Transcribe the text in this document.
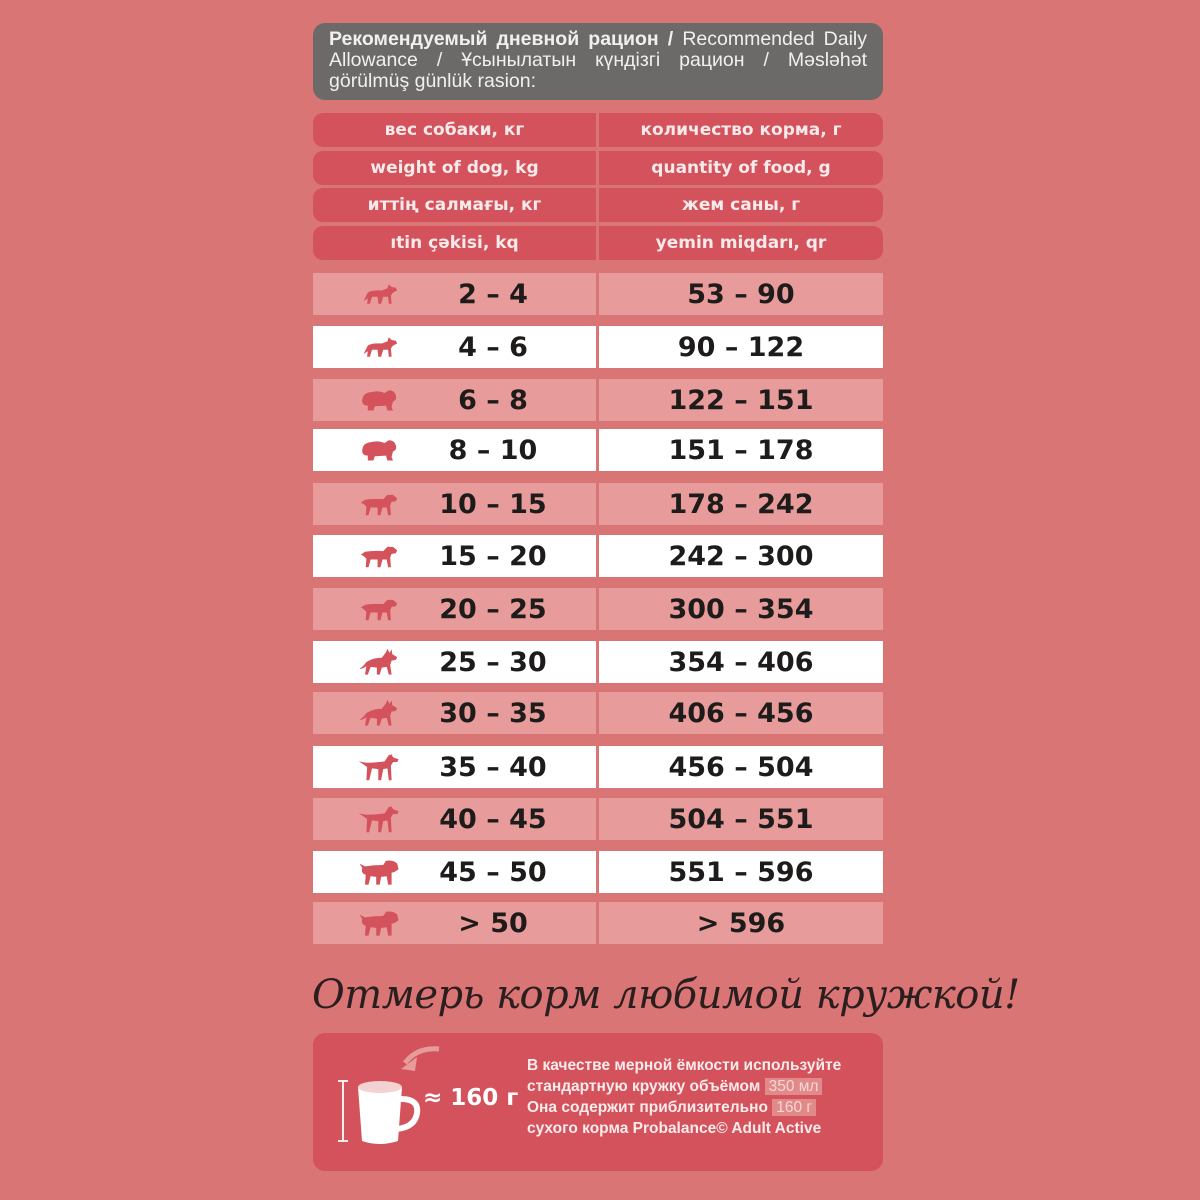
Рекомендуемый дневной рацион / Recommended Daily Allowance / Ұсынылатын күндізгі рацион / Məsləhət görülmüş günlük rasion:
вес собаки, кг	количество корма, г
weight of dog, kg	quantity of food, g
иттің салмағы, кг	жем саны, г
ıtin çəkisi, kq	yemin miqdarı, qr
2 – 4	53 – 90
4 – 6	90 – 122
6 – 8	122 – 151
8 – 10	151 – 178
10 – 15	178 – 242
15 – 20	242 – 300
20 – 25	300 – 354
25 – 30	354 – 406
30 – 35	406 – 456
35 – 40	456 – 504
40 – 45	504 – 551
45 – 50	551 – 596
> 50	> 596
Отмерь корм любимой кружкой!
≈ 160 г
В качестве мерной ёмкости используйте
стандартную кружку объёмом 350 мл
Она содержит приблизительно 160 г
сухого корма Probalance© Adult Active
